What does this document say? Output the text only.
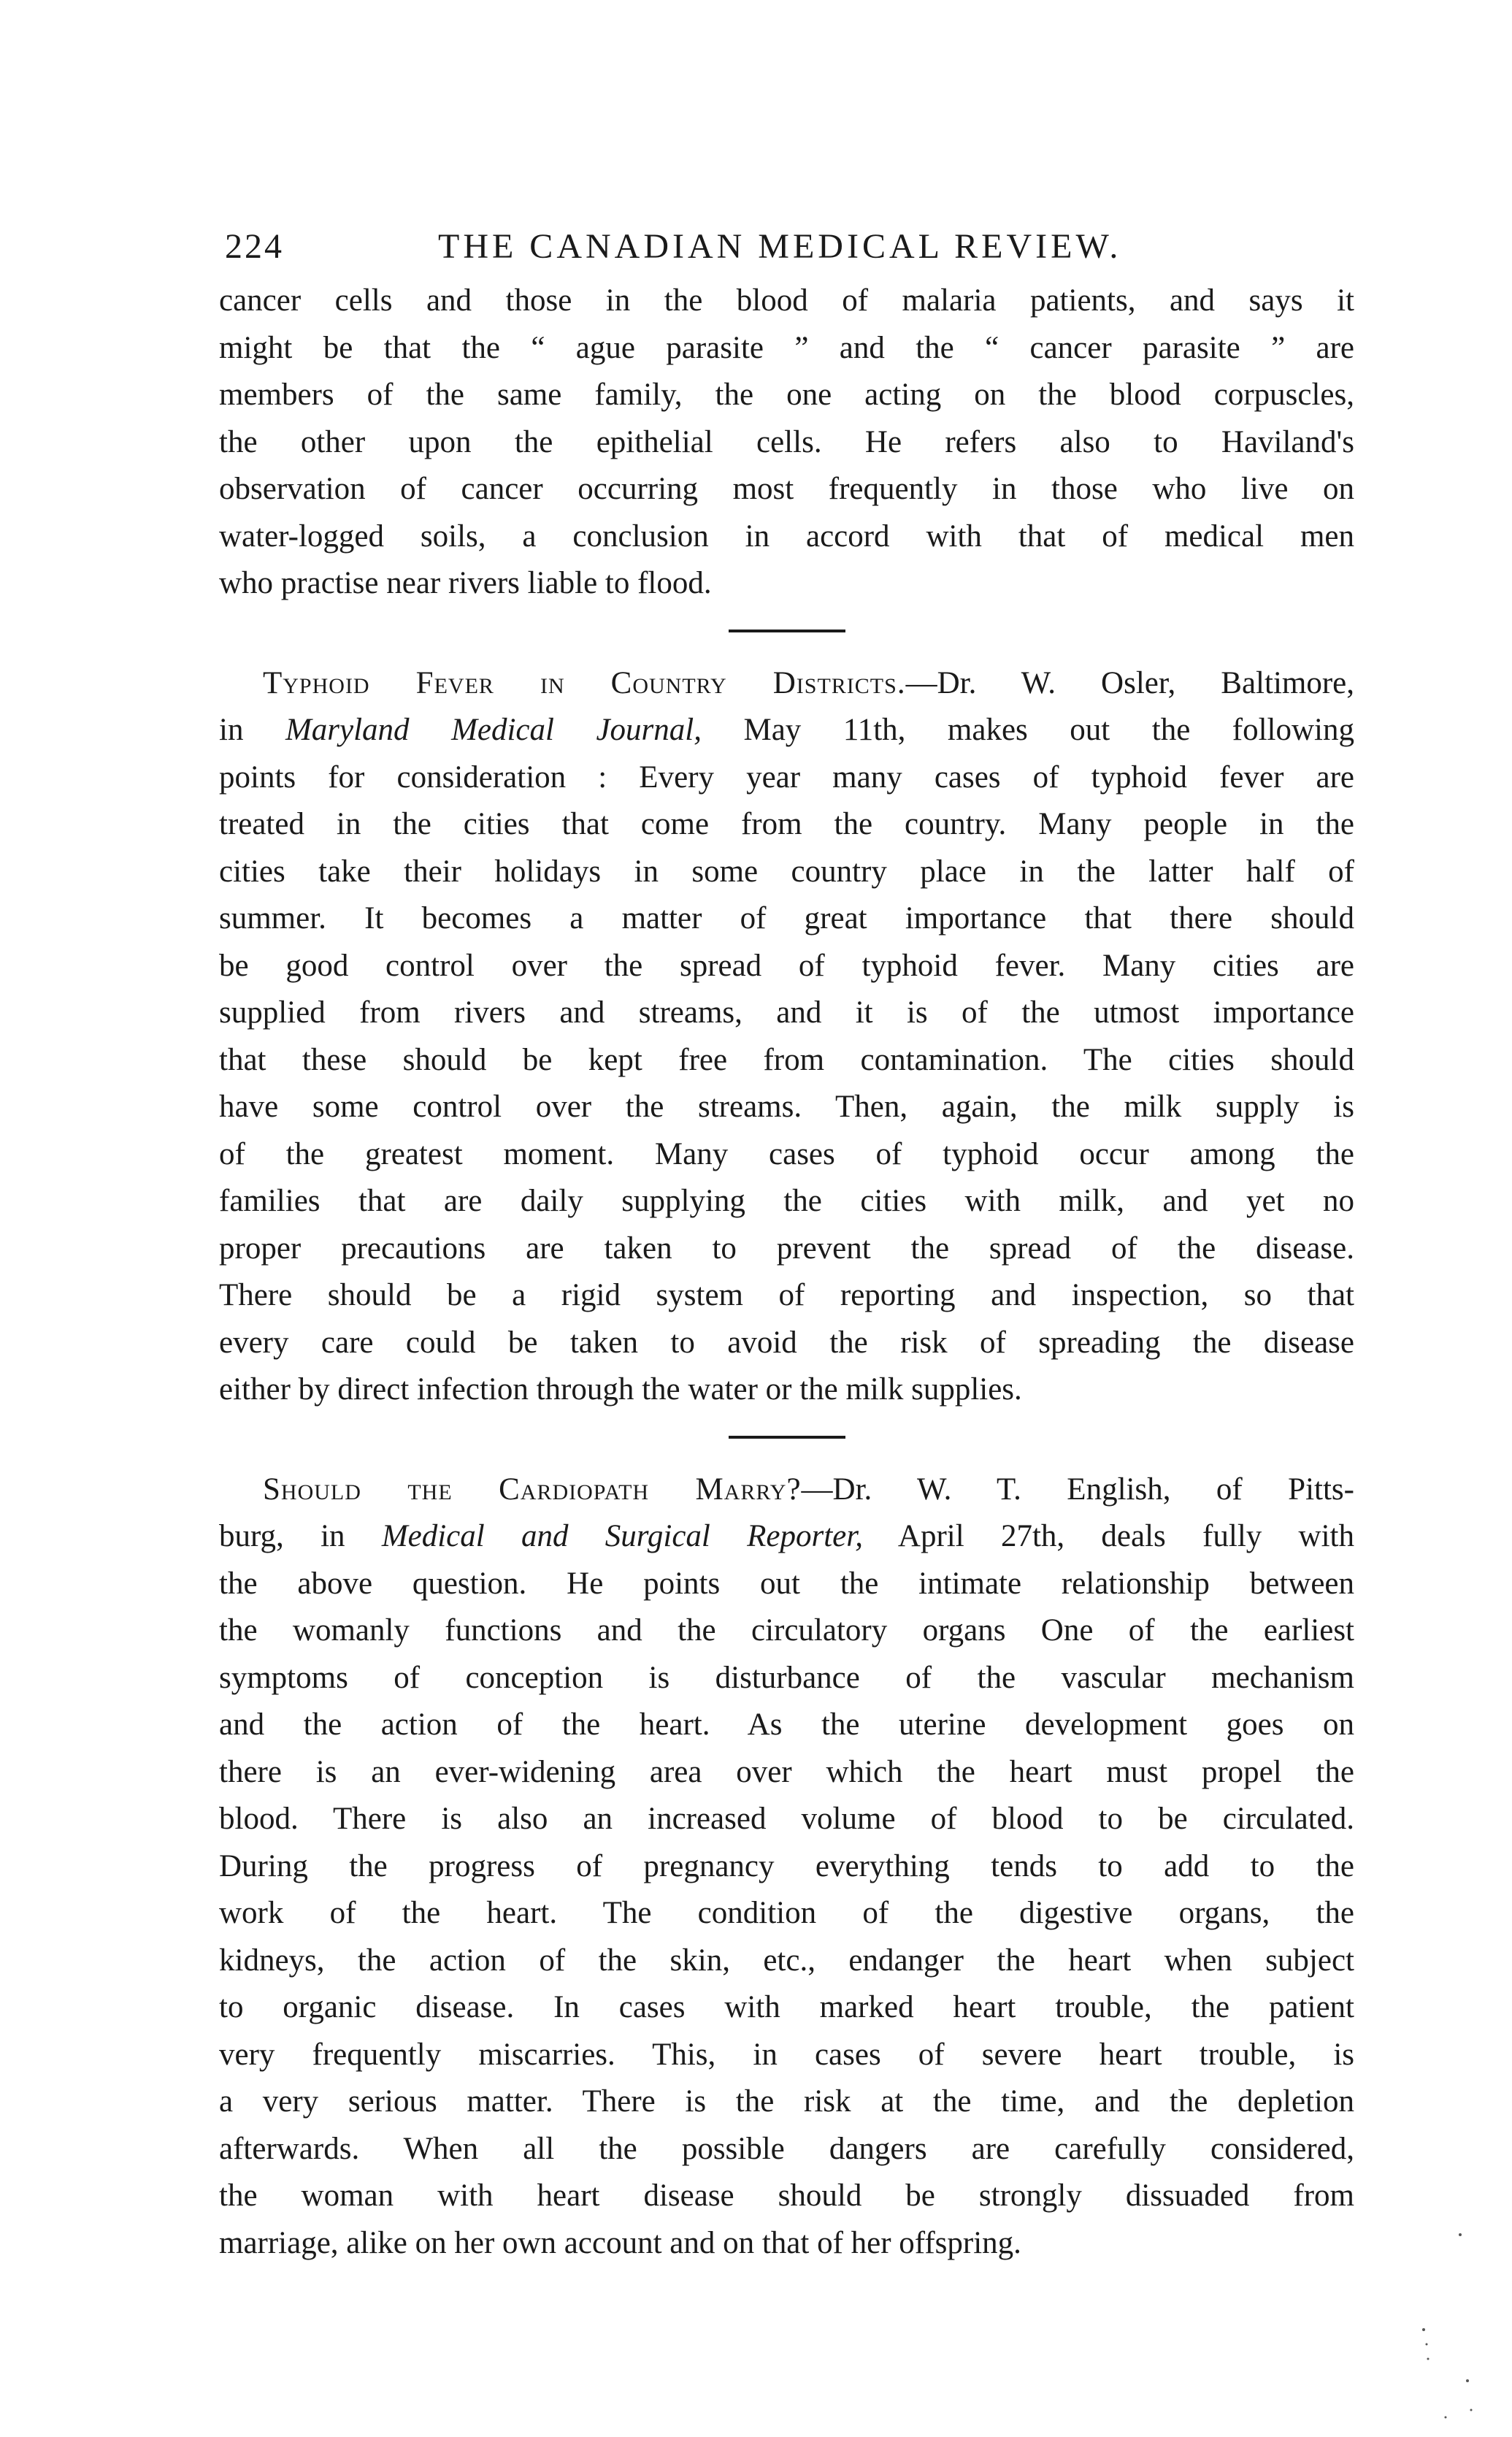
224	THE CANADIAN MEDICAL REVIEW.
cancer cells and those in the blood of malaria patients, and says it
might be that the “ ague parasite ” and the “ cancer parasite ” are
members of the same family, the one acting on the blood corpuscles,
the other upon the epithelial cells. He refers also to Haviland's
observation of cancer occurring most frequently in those who live on
water-logged soils, a conclusion in accord with that of medical men
who practise near rivers liable to flood.
Typhoid Fever in Country Districts.—Dr. W. Osler, Baltimore,
in Maryland Medical Journal, May 11th, makes out the following
points for consideration : Every year many cases of typhoid fever are
treated in the cities that come from the country. Many people in the
cities take their holidays in some country place in the latter half of
summer. It becomes a matter of great importance that there should
be good control over the spread of typhoid fever. Many cities are
supplied from rivers and streams, and it is of the utmost importance
that these should be kept free from contamination. The cities should
have some control over the streams. Then, again, the milk supply is
of the greatest moment. Many cases of typhoid occur among the
families that are daily supplying the cities with milk, and yet no
proper precautions are taken to prevent the spread of the disease.
There should be a rigid system of reporting and inspection, so that
every care could be taken to avoid the risk of spreading the disease
either by direct infection through the water or the milk supplies.
Should the Cardiopath Marry?—Dr. W. T. English, of Pitts-
burg, in Medical and Surgical Reporter, April 27th, deals fully with
the above question. He points out the intimate relationship between
the womanly functions and the circulatory organs One of the earliest
symptoms of conception is disturbance of the vascular mechanism
and the action of the heart. As the uterine development goes on
there is an ever-widening area over which the heart must propel the
blood. There is also an increased volume of blood to be circulated.
During the progress of pregnancy everything tends to add to the
work of the heart. The condition of the digestive organs, the
kidneys, the action of the skin, etc., endanger the heart when subject
to organic disease. In cases with marked heart trouble, the patient
very frequently miscarries. This, in cases of severe heart trouble, is
a very serious matter. There is the risk at the time, and the depletion
afterwards. When all the possible dangers are carefully considered,
the woman with heart disease should be strongly dissuaded from
marriage, alike on her own account and on that of her offspring.
